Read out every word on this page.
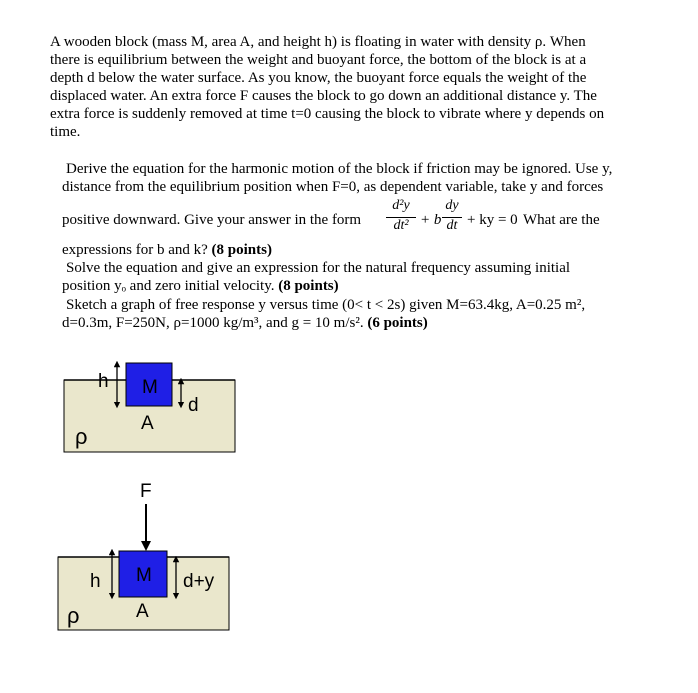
A wooden block (mass M, area A, and height h) is floating in water with density ρ. When
there is equilibrium between the weight and buoyant force, the bottom of the block is at a
depth d below the water surface. As you know, the buoyant force equals the weight of the
displaced water. An extra force F causes the block to go down an additional distance y. The
extra force is suddenly removed at time t=0 causing the block to vibrate where y depends on
time.
Derive the equation for the harmonic motion of the block if friction may be ignored. Use y,
distance from the equilibrium position when F=0, as dependent variable, take y and forces
positive downward. Give your answer in the form
d²y
dt² + b
dy
dt + ky = 0 What are the
expressions for b and k? (8 points)
Solve the equation and give an expression for the natural frequency assuming initial
position yₒ and zero initial velocity. (8 points)
Sketch a graph of free response y versus time (0< t < 2s) given M=63.4kg, A=0.25 m²,
d=0.3m, F=250N, ρ=1000 kg/m³, and g = 10 m/s². (6 points)
h M
A
d
ρ
F
h M
A
d+y
ρ
